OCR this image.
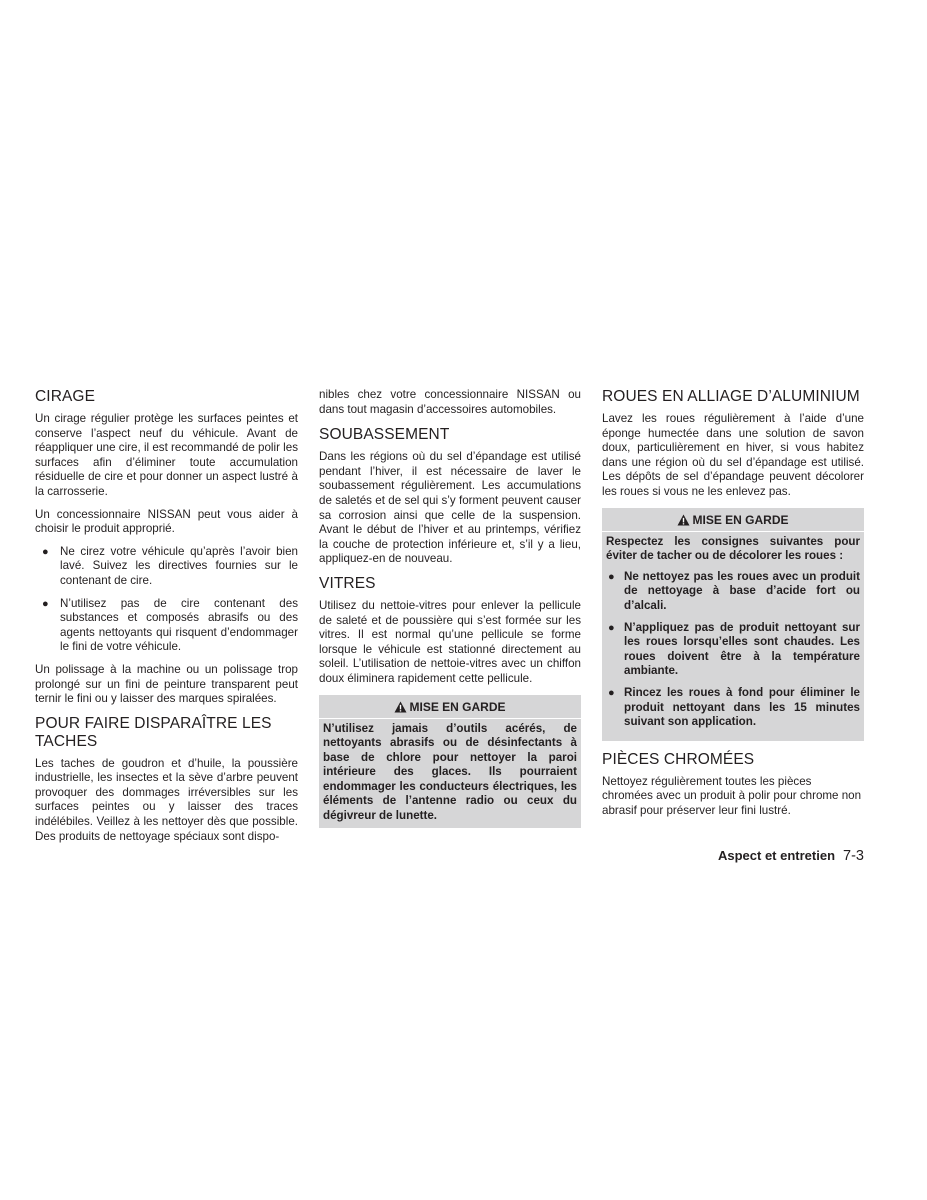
CIRAGE

Un cirage régulier protège les surfaces peintes et conserve l’aspect neuf du véhicule. Avant de réappliquer une cire, il est recommandé de polir les surfaces afin d’éliminer toute accumulation résiduelle de cire et pour donner un aspect lustré à la carrosserie.

Un concessionnaire NISSAN peut vous aider à choisir le produit approprié.

● Ne cirez votre véhicule qu’après l’avoir bien lavé. Suivez les directives fournies sur le contenant de cire.
● N’utilisez pas de cire contenant des substances et composés abrasifs ou des agents nettoyants qui risquent d’endommager le fini de votre véhicule.

Un polissage à la machine ou un polissage trop prolongé sur un fini de peinture transparent peut ternir le fini ou y laisser des marques spiralées.

POUR FAIRE DISPARAÎTRE LES TACHES

Les taches de goudron et d’huile, la poussière industrielle, les insectes et la sève d’arbre peuvent provoquer des dommages irréversibles sur les surfaces peintes ou y laisser des traces indélébiles. Veillez à les nettoyer dès que possible. Des produits de nettoyage spéciaux sont dispo-

nibles chez votre concessionnaire NISSAN ou dans tout magasin d’accessoires automobiles.

SOUBASSEMENT

Dans les régions où du sel d’épandage est utilisé pendant l’hiver, il est nécessaire de laver le soubassement régulièrement. Les accumulations de saletés et de sel qui s’y forment peuvent causer sa corrosion ainsi que celle de la suspension. Avant le début de l’hiver et au printemps, vérifiez la couche de protection inférieure et, s’il y a lieu, appliquez-en de nouveau.

VITRES

Utilisez du nettoie-vitres pour enlever la pellicule de saleté et de poussière qui s’est formée sur les vitres. Il est normal qu’une pellicule se forme lorsque le véhicule est stationné directement au soleil. L’utilisation de nettoie-vitres avec un chiffon doux éliminera rapidement cette pellicule.

MISE EN GARDE
N’utilisez jamais d’outils acérés, de nettoyants abrasifs ou de désinfectants à base de chlore pour nettoyer la paroi intérieure des glaces. Ils pourraient endommager les conducteurs électriques, les éléments de l’antenne radio ou ceux du dégivreur de lunette.
ROUES EN ALLIAGE D’ALUMINIUM

Lavez les roues régulièrement à l’aide d’une éponge humectée dans une solution de savon doux, particulièrement en hiver, si vous habitez dans une région où du sel d’épandage est utilisé. Les dépôts de sel d’épandage peuvent décolorer les roues si vous ne les enlevez pas.

MISE EN GARDE

Respectez les consignes suivantes pour éviter de tacher ou de décolorer les roues :

● Ne nettoyez pas les roues avec un produit de nettoyage à base d’acide fort ou d’alcali.
● N’appliquez pas de produit nettoyant sur les roues lorsqu’elles sont chaudes. Les roues doivent être à la température ambiante.
● Rincez les roues à fond pour éliminer le produit nettoyant dans les 15 minutes suivant son application.
PIÈCES CHROMÉES

Nettoyez régulièrement toutes les pièces chromées avec un produit à polir pour chrome non abrasif pour préserver leur fini lustré.

Aspect et entretien 7-3
